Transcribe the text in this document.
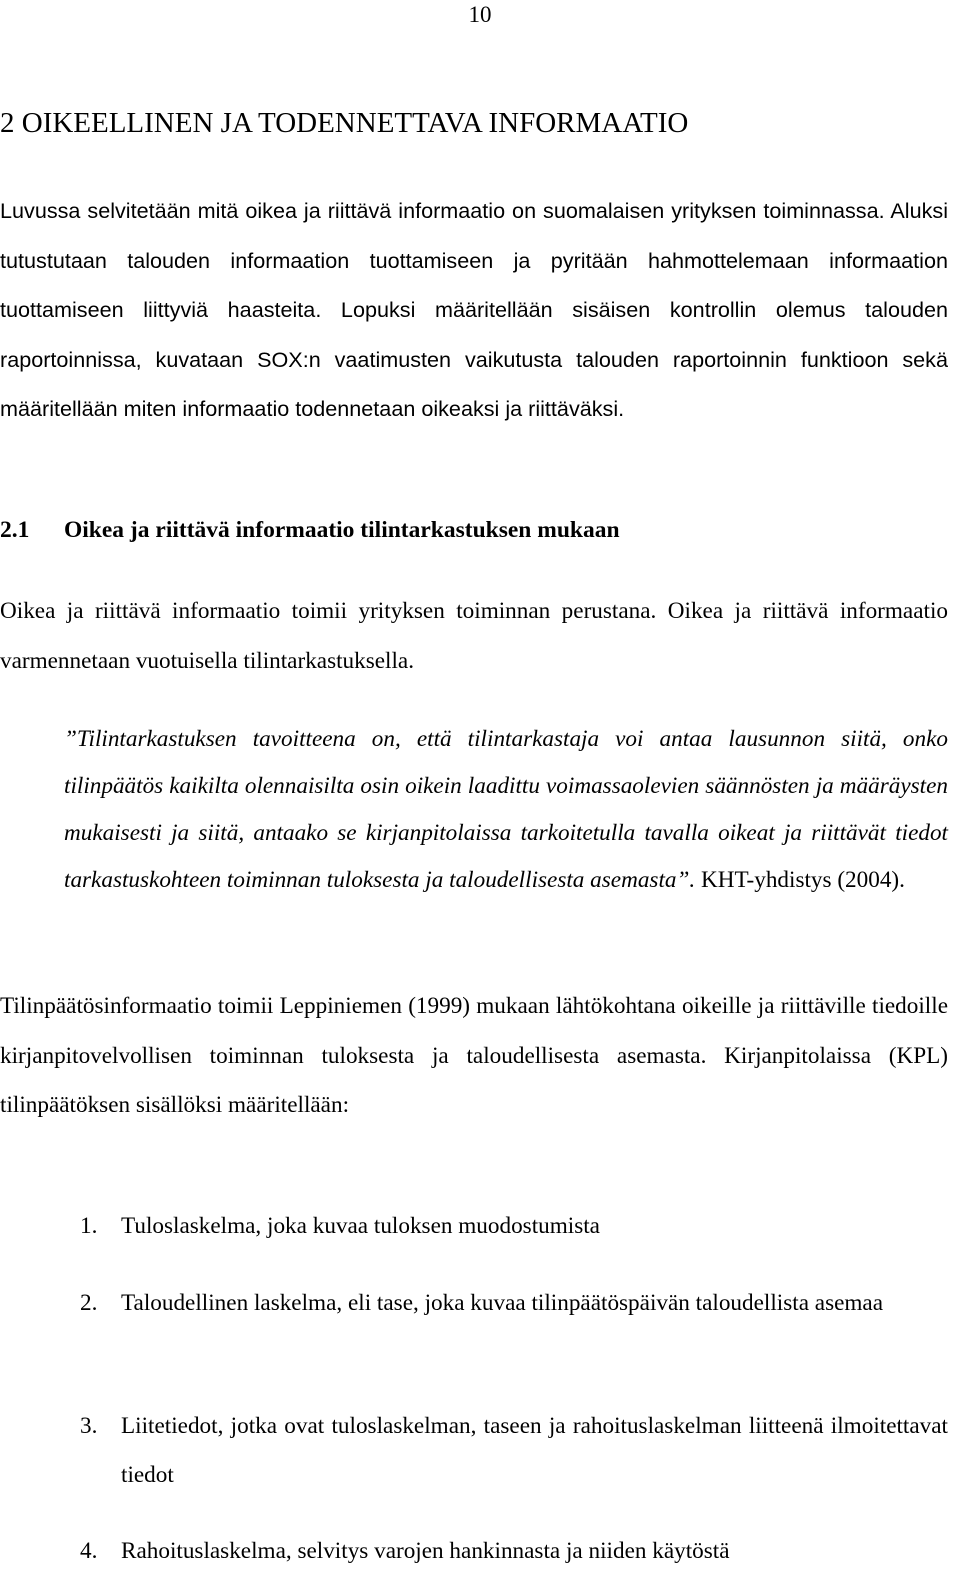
10
2 OIKEELLINEN JA TODENNETTAVA INFORMAATIO

Luvussa selvitetään mitä oikea ja riittävä informaatio on suomalaisen yrityksen toiminnassa. Aluksi tutustutaan talouden informaation tuottamiseen ja pyritään hahmottelemaan informaation tuottamiseen liittyviä haasteita. Lopuksi määritellään sisäisen kontrollin olemus talouden raportoinnissa, kuvataan SOX:n vaatimusten vaikutusta talouden raportoinnin funktioon sekä määritellään miten informaatio todennetaan oikeaksi ja riittäväksi.

2.1 Oikea ja riittävä informaatio tilintarkastuksen mukaan

Oikea ja riittävä informaatio toimii yrityksen toiminnan perustana. Oikea ja riittävä informaatio varmennetaan vuotuisella tilintarkastuksella.

”Tilintarkastuksen tavoitteena on, että tilintarkastaja voi antaa lausunnon siitä, onko tilinpäätös kaikilta olennaisilta osin oikein laadittu voimassaolevien säännösten ja määräysten mukaisesti ja siitä, antaako se kirjanpitolaissa tarkoitetulla tavalla oikeat ja riittävät tiedot tarkastuskohteen toiminnan tuloksesta ja taloudellisesta asemasta”. KHT-yhdistys (2004).

Tilinpäätösinformaatio toimii Leppiniemen (1999) mukaan lähtökohtana oikeille ja riittäville tiedoille kirjanpitovelvollisen toiminnan tuloksesta ja taloudellisesta asemasta. Kirjanpitolaissa (KPL) tilinpäätöksen sisällöksi määritellään:

1. Tuloslaskelma, joka kuvaa tuloksen muodostumista
2. Taloudellinen laskelma, eli tase, joka kuvaa tilinpäätöspäivän taloudellista asemaa
3. Liitetiedot, jotka ovat tuloslaskelman, taseen ja rahoituslaskelman liitteenä ilmoitettavat tiedot
4. Rahoituslaskelma, selvitys varojen hankinnasta ja niiden käytöstä
